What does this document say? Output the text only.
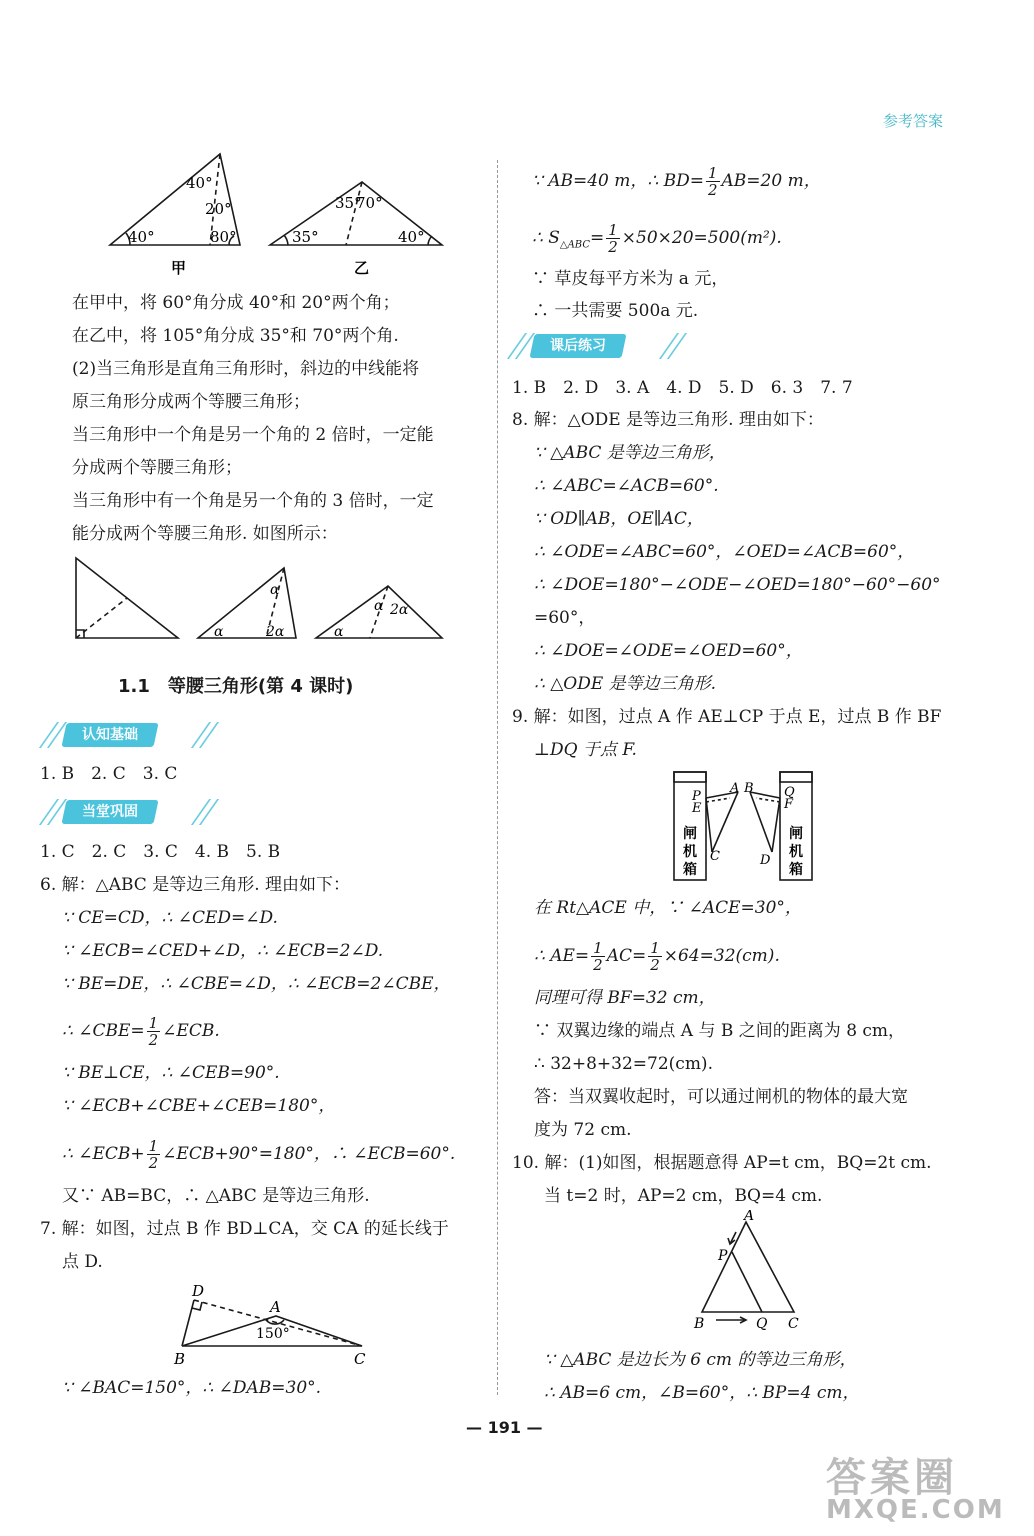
参考答案
40°
20°
80°
40°
甲
35°
70°
35°	40°
乙
在甲中，将 60°角分成 40°和 20°两个角；
在乙中，将 105°角分成 35°和 70°两个角.
(2)当三角形是直角三角形时，斜边的中线能将
原三角形分成两个等腰三角形；
当三角形中一个角是另一个角的 2 倍时，一定能
分成两个等腰三角形；
当三角形中有一个角是另一个角的 3 倍时，一定
能分成两个等腰三角形. 如图所示：
α	2α
α
α
2α
α
1.1　等腰三角形(第 4 课时)
认知基础
1. B　2. C　3. C
当堂巩固
1. C　2. C　3. C　4. B　5. B
6. 解：△ABC 是等边三角形. 理由如下：
∵ CE=CD，∴ ∠CED=∠D.
∵ ∠ECB=∠CED+∠D，∴ ∠ECB=2∠D.
∵ BE=DE，∴ ∠CBE=∠D，∴ ∠ECB=2∠CBE，
∴ ∠CBE= $\frac{1}{2}$ ∠ECB.
∵ BE⊥CE，∴ ∠CEB=90°.
∵ ∠ECB+∠CBE+∠CEB=180°，
∴ ∠ECB+ $\frac{1}{2}$ ∠ECB+90°=180°，∴ ∠ECB=60°.
又∵ AB=BC，∴ △ABC 是等边三角形.
7. 解：如图，过点 B 作 BD⊥CA，交 CA 的延长线于
点 D.
D
A
B	C
150°
∵ ∠BAC=150°，∴ ∠DAB=30°.
∵ AB=40 m，∴ $BD= \frac{1}{2} AB=20$ m，
∴ $S_{\triangle ABC}= \frac{1}{2} \times 50\times 20=500(m^2)$.
∵ 草皮每平方米为 a 元，
∴ 一共需要 500a 元.
课后练习
1. B　2. D　3. A　4. D　5. D　6. 3　7. 7
8. 解：△ODE 是等边三角形. 理由如下：
∵ △ABC 是等边三角形，
∴ ∠ABC=∠ACB=60°.
∵ OD∥AB，OE∥AC，
∴ ∠ODE=∠ABC=60°，∠OED=∠ACB=60°，
∴ ∠DOE=180°−∠ODE−∠OED=180°−60°−60°
=60°，
∴ ∠DOE=∠ODE=∠OED=60°，
∴ △ODE 是等边三角形.
9. 解：如图，过点 A 作 AE⊥CP 于点 E，过点 B 作 BF
⊥DQ 于点 F.
P
E
A B Q
F
C	D
闸
机
箱
闸
机
箱
在 Rt△ACE 中，∵ ∠ACE=30°，
∴ $AE= \frac{1}{2} AC= \frac{1}{2} \times 64=32(cm)$.
同理可得 BF=32 cm，
∵ 双翼边缘的端点 A 与 B 之间的距离为 8 cm，
∴ 32+8+32=72(cm).
答：当双翼收起时，可以通过闸机的物体的最大宽
度为 72 cm.
10. 解：(1)如图，根据题意得 AP=t cm，BQ=2t cm.
当 t=2 时，AP=2 cm，BQ=4 cm.
A
P
B	Q C
∵ △ABC 是边长为 6 cm 的等边三角形，
∴ AB=6 cm，∠B=60°，∴ BP=4 cm，
— 191 —
答案圈
MXQE.COM
